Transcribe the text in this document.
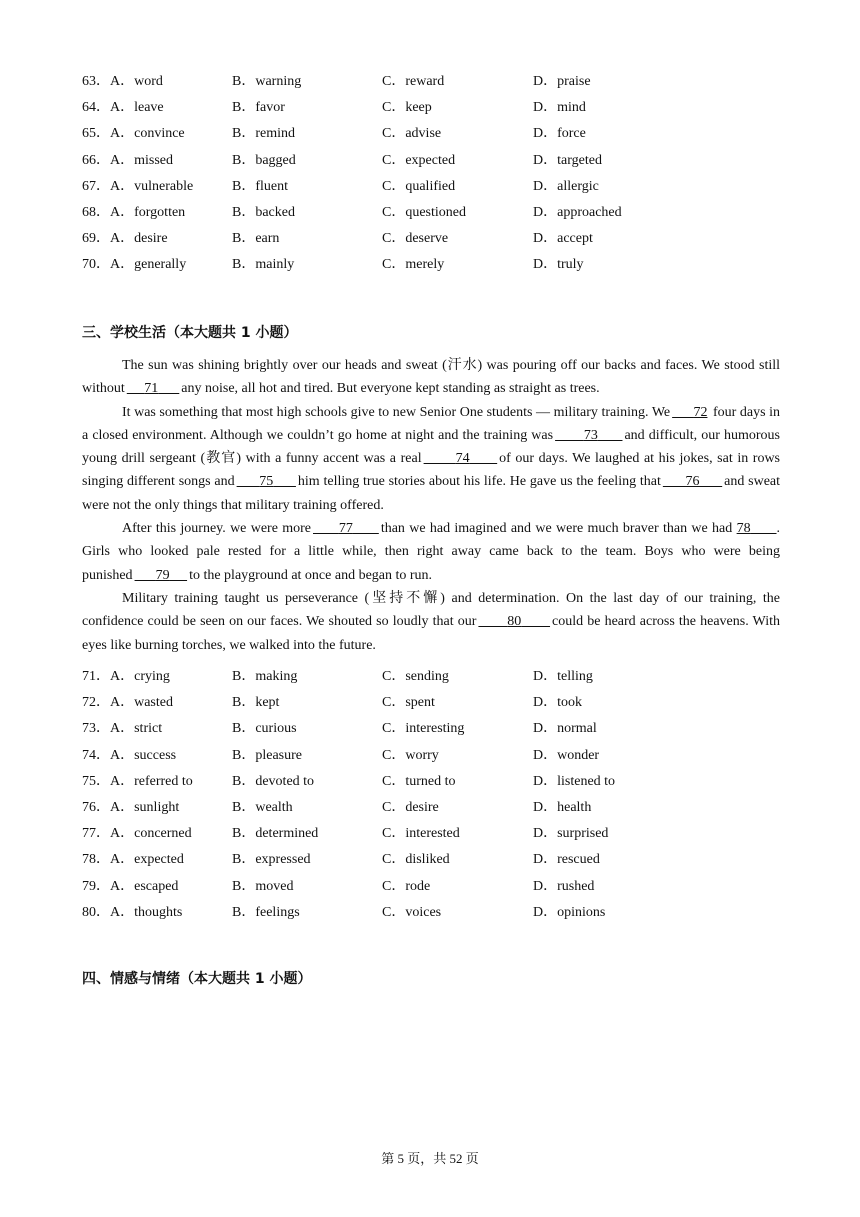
63．A．word	B．warning	C．reward	D．praise
64．A．leave	B．favor	C．keep	D．mind
65．A．convince	B．remind	C．advise	D．force
66．A．missed	B．bagged	C．expected	D．targeted
67．A．vulnerable	B．fluent	C．qualified	D．allergic
68．A．forgotten	B．backed	C．questioned	D．approached
69．A．desire	B．earn	C．deserve	D．accept
70．A．generally	B．mainly	C．merely	D．truly
三、学校生活（本大题共 1 小题）

The sun was shining brightly over our heads and sweat (汗水) was pouring off our backs and faces. We stood still without 71 any noise, all hot and tired. But everyone kept standing as straight as trees.

It was something that most high schools give to new Senior One students — military training. We 72 four days in a closed environment. Although we couldn’t go home at night and the training was 73 and difficult, our humorous young drill sergeant (教官) with a funny accent was a real 74 of our days. We laughed at his jokes, sat in rows singing different songs and 75 him telling true stories about his life. He gave us the feeling that 76 and sweat were not the only things that military training offered.

After this journey. we were more 77 than we had imagined and we were much braver than we had 78 . Girls who looked pale rested for a little while, then right away came back to the team. Boys who were being punished 79 to the playground at once and began to run.

Military training taught us perseverance (坚持不懈) and determination. On the last day of our training, the confidence could be seen on our faces. We shouted so loudly that our 80 could be heard across the heavens. With eyes like burning torches, we walked into the future.

71．A．crying	B．making	C．sending	D．telling
72．A．wasted	B．kept	C．spent	D．took
73．A．strict	B．curious	C．interesting	D．normal
74．A．success	B．pleasure	C．worry	D．wonder
75．A．referred to	B．devoted to	C．turned to	D．listened to
76．A．sunlight	B．wealth	C．desire	D．health
77．A．concerned	B．determined	C．interested	D．surprised
78．A．expected	B．expressed	C．disliked	D．rescued
79．A．escaped	B．moved	C．rode	D．rushed
80．A．thoughts	B．feelings	C．voices	D．opinions
四、情感与情绪（本大题共 1 小题）
第 5 页，共 52 页
